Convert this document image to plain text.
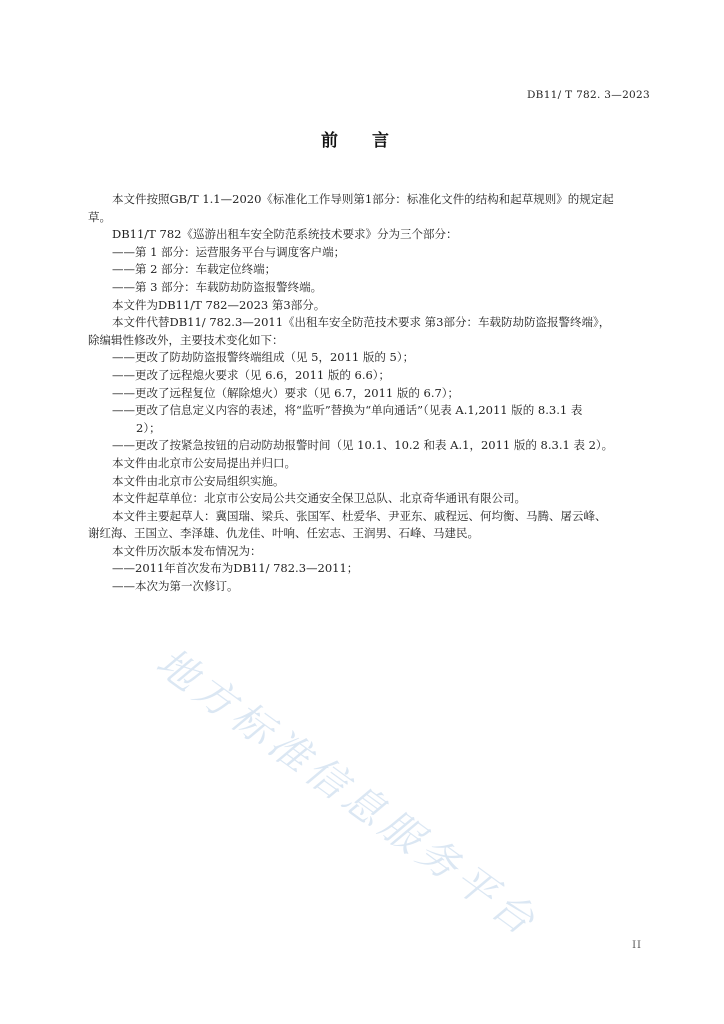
DB11/ T 782. 3—2023
前 言
本文件按照GB/T 1.1—2020《标准化工作导则第1部分：标准化文件的结构和起草规则》的规定起
草。
DB11/T 782《巡游出租车安全防范系统技术要求》分为三个部分：
——第 1 部分：运营服务平台与调度客户端；
——第 2 部分：车载定位终端；
——第 3 部分：车载防劫防盗报警终端。
本文件为DB11/T 782—2023 第3部分。
本文件代替DB11/ 782.3—2011《出租车安全防范技术要求 第3部分：车载防劫防盗报警终端》，
除编辑性修改外，主要技术变化如下：
——更改了防劫防盗报警终端组成（见 5，2011 版的 5）；
——更改了远程熄火要求（见 6.6，2011 版的 6.6）；
——更改了远程复位（解除熄火）要求（见 6.7，2011 版的 6.7）；
——更改了信息定义内容的表述，将“监听”替换为“单向通话”（见表 A.1,2011 版的 8.3.1 表
2）；
——更改了按紧急按钮的启动防劫报警时间（见 10.1、10.2 和表 A.1，2011 版的 8.3.1 表 2）。
本文件由北京市公安局提出并归口。
本文件由北京市公安局组织实施。
本文件起草单位：北京市公安局公共交通安全保卫总队、北京奇华通讯有限公司。
本文件主要起草人：冀国瑞、梁兵、张国军、杜爱华、尹亚东、戚程远、何均衡、马腾、屠云峰、
谢红海、王国立、李泽雄、仇龙佳、叶响、任宏志、王润男、石峰、马建民。
本文件历次版本发布情况为：
——2011年首次发布为DB11/ 782.3—2011；
——本次为第一次修订。
地方标准信息服务平台	II
